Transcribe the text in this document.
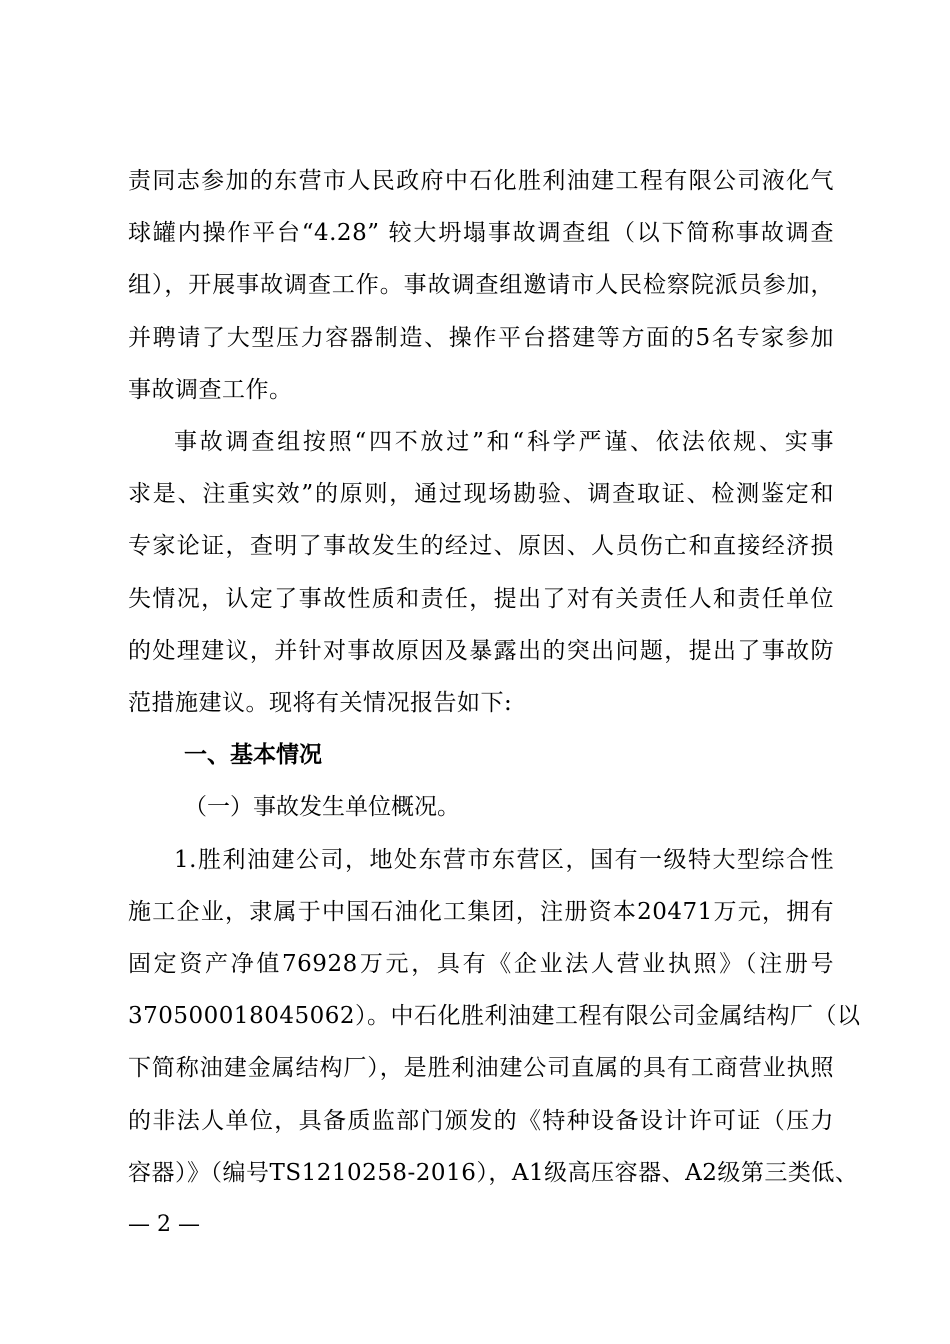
责同志参加的东营市人民政府中石化胜利油建工程有限公司液化气
球罐内操作平台“4.28” 较大坍塌事故调查组（以下简称事故调查
组），开展事故调查工作。事故调查组邀请市人民检察院派员参加，
并聘请了大型压力容器制造、操作平台搭建等方面的5名专家参加
事故调查工作。

事故调查组按照“四不放过”和“科学严谨、依法依规、实事
求是、注重实效”的原则，通过现场勘验、调查取证、检测鉴定和
专家论证，查明了事故发生的经过、原因、人员伤亡和直接经济损
失情况，认定了事故性质和责任，提出了对有关责任人和责任单位
的处理建议，并针对事故原因及暴露出的突出问题，提出了事故防
范措施建议。现将有关情况报告如下:

一、基本情况

（一）事故发生单位概况。

1.胜利油建公司，地处东营市东营区，国有一级特大型综合性
施工企业，隶属于中国石油化工集团，注册资本20471万元，拥有
固定资产净值76928万元，具有《企业法人营业执照》（注册号
370500018045062）。中石化胜利油建工程有限公司金属结构厂（以
下简称油建金属结构厂），是胜利油建公司直属的具有工商营业执照
的非法人单位，具备质监部门颁发的《特种设备设计许可证（压力
容器）》（编号TS1210258-2016），A1级高压容器、A2级第三类低、

— 2 —
